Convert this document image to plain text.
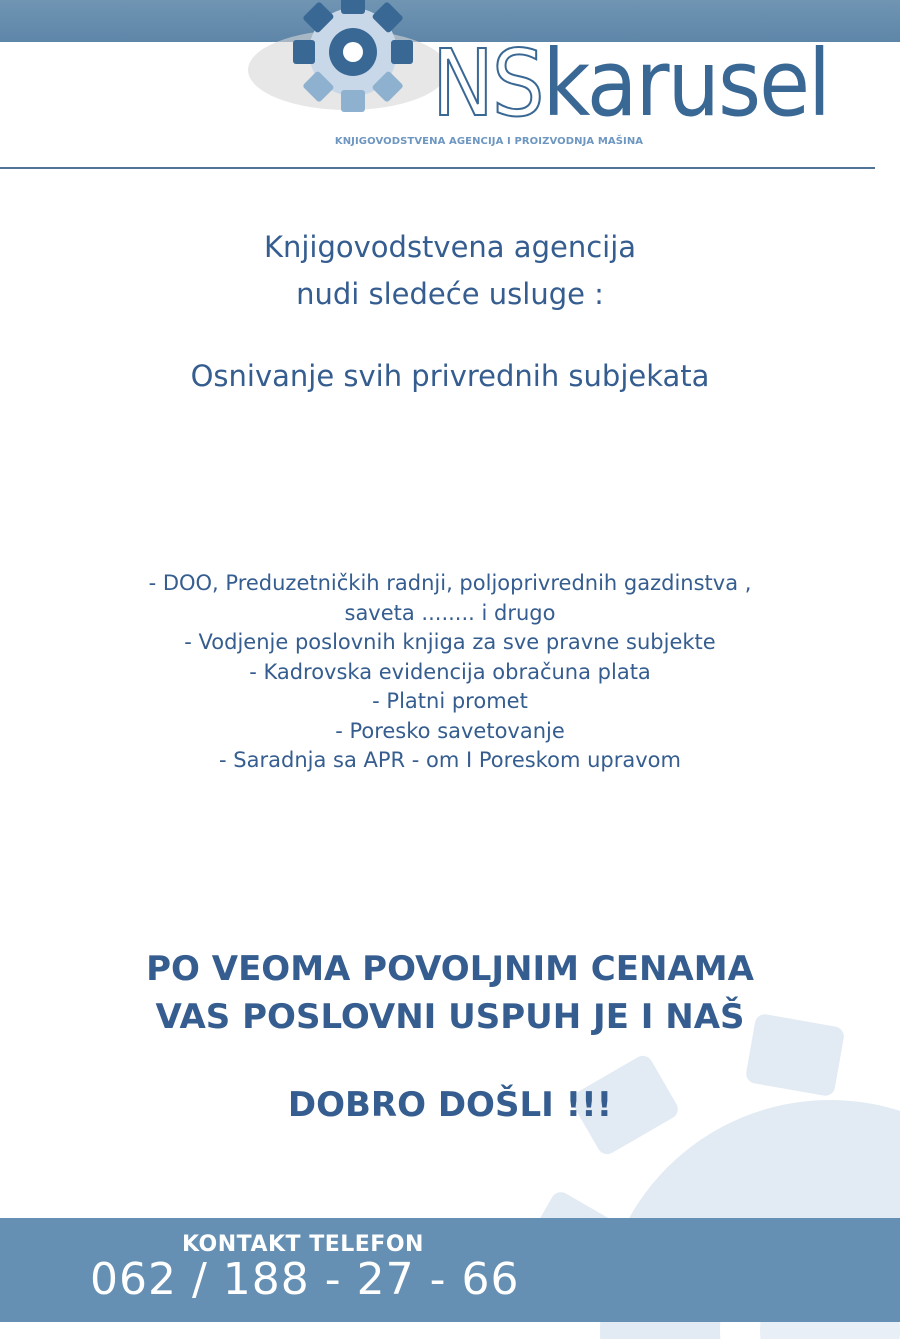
NSkarusel
KNJIGOVODSTVENA AGENCIJA I PROIZVODNJA MAŠINA
Knjigovodstvena agencija
nudi sledeće usluge :
Osnivanje svih privrednih subjekata
- DOO, Preduzetničkih radnji, poljoprivrednih gazdinstva ,
saveta ........ i drugo
- Vodjenje poslovnih knjiga za sve pravne subjekte
- Kadrovska evidencija obračuna plata
- Platni promet
- Poresko savetovanje
- Saradnja sa APR - om I Poreskom upravom
PO VEOMA POVOLJNIM CENAMA
VAS POSLOVNI USPUH JE I NAŠ
DOBRO DOŠLI !!!
KONTAKT TELEFON
062 / 188 - 27 - 66
